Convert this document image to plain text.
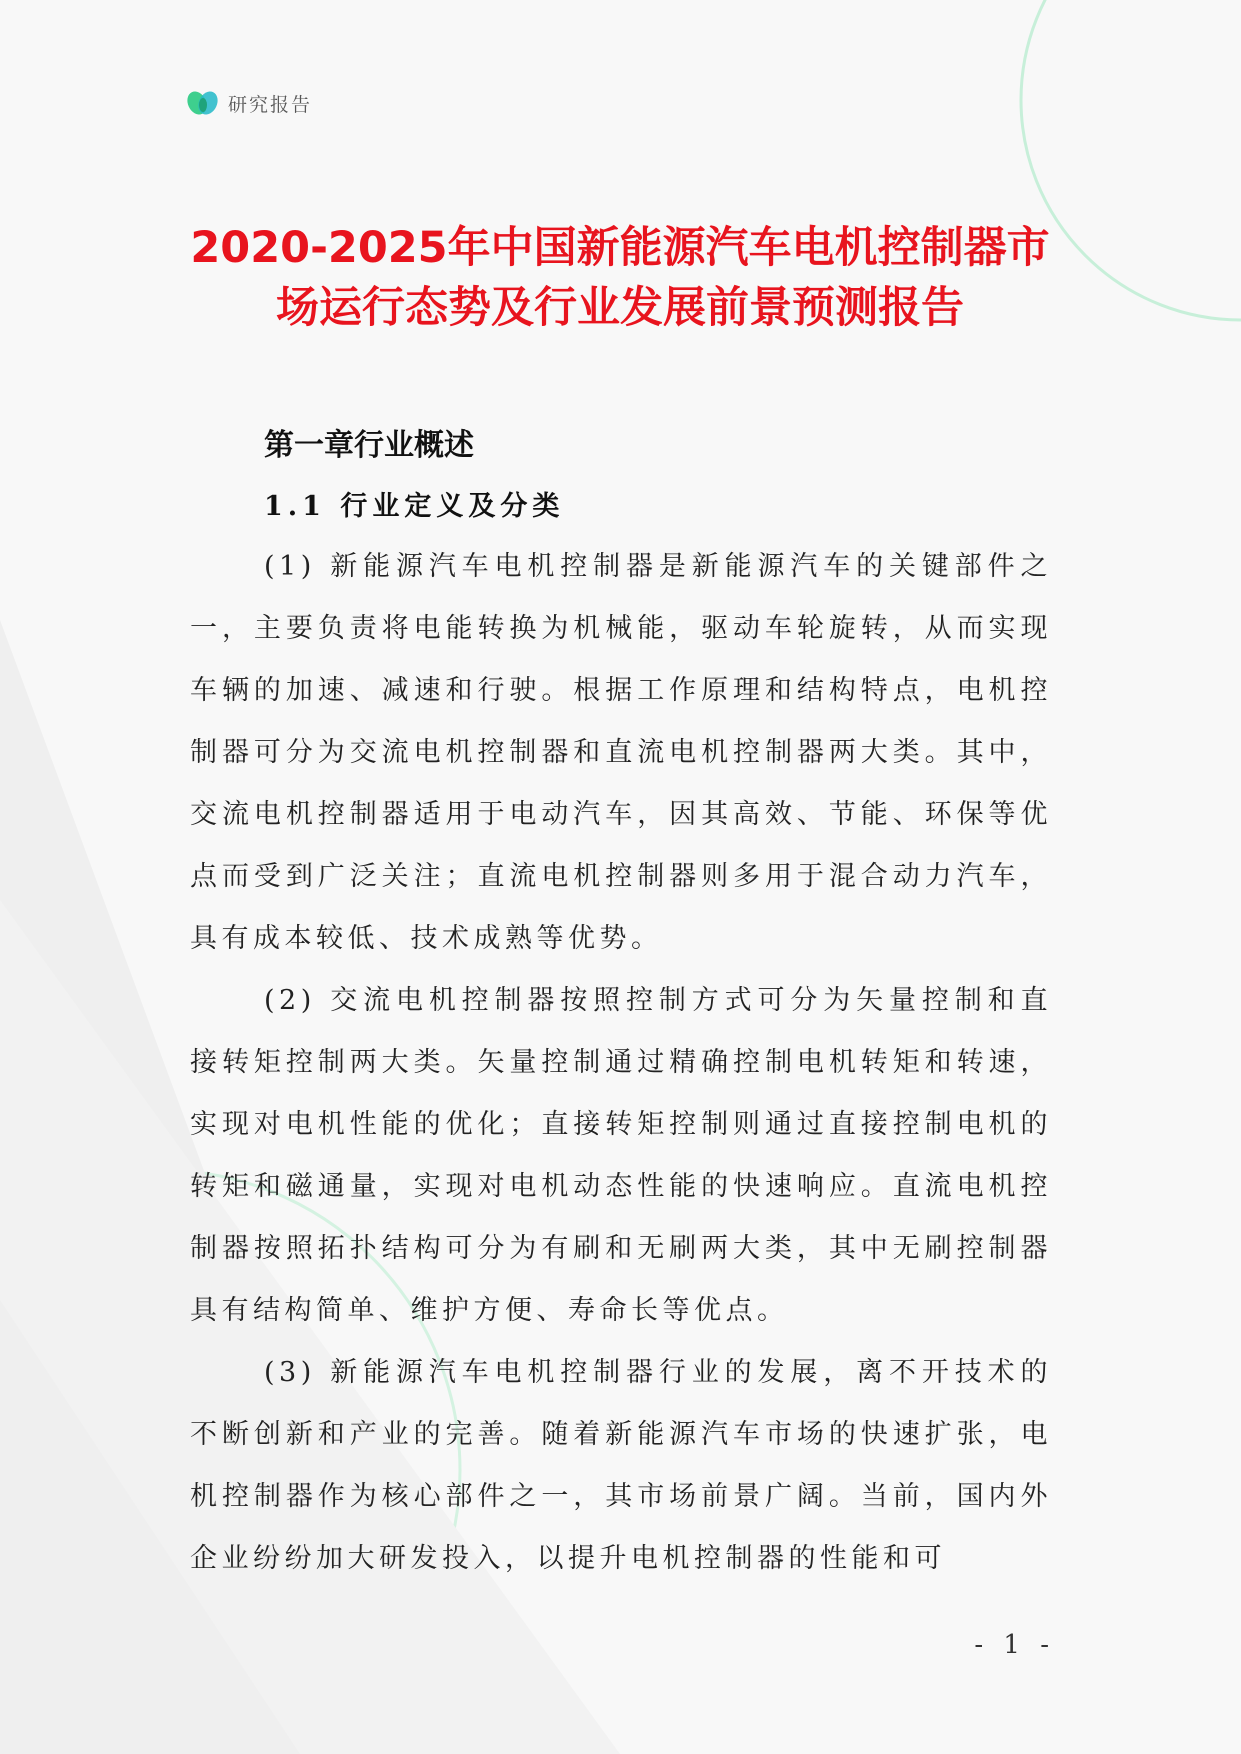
研究报告
2020-2025年中国新能源汽车电机控制器市
场运行态势及行业发展前景预测报告
第一章行业概述
1.1 行业定义及分类

(1) 新能源汽车电机控制器是新能源汽车的关键部件之一，主要负责将电能转换为机械能，驱动车轮旋转，从而实现车辆的加速、减速和行驶。根据工作原理和结构特点，电机控制器可分为交流电机控制器和直流电机控制器两大类。其中，交流电机控制器适用于电动汽车，因其高效、节能、环保等优点而受到广泛关注；直流电机控制器则多用于混合动力汽车，具有成本较低、技术成熟等优势。

(2) 交流电机控制器按照控制方式可分为矢量控制和直接转矩控制两大类。矢量控制通过精确控制电机转矩和转速，实现对电机性能的优化；直接转矩控制则通过直接控制电机的转矩和磁通量，实现对电机动态性能的快速响应。直流电机控制器按照拓扑结构可分为有刷和无刷两大类，其中无刷控制器具有结构简单、维护方便、寿命长等优点。

(3) 新能源汽车电机控制器行业的发展，离不开技术的不断创新和产业的完善。随着新能源汽车市场的快速扩张，电机控制器作为核心部件之一，其市场前景广阔。当前，国内外企业纷纷加大研发投入，以提升电机控制器的性能和可

- 1 -
